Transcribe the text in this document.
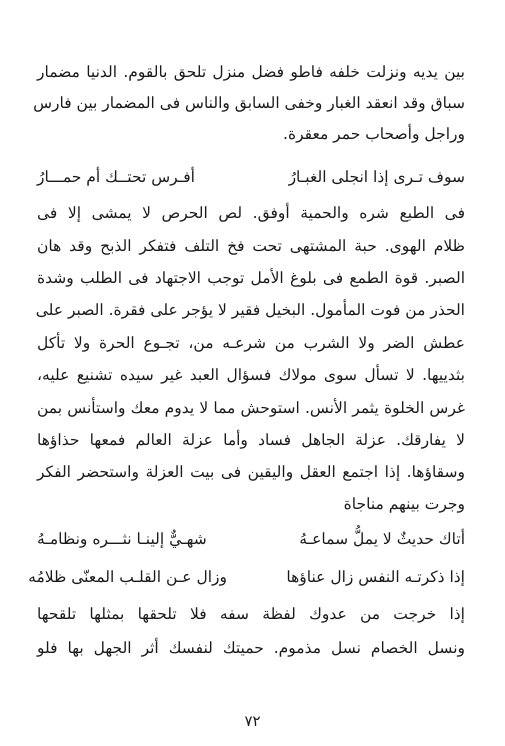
بين يديه ونزلت خلفه فاطو فضل منزل تلحق بالقوم. الدنيا مضمار
سباق وقد انعقد الغبار وخفى السابق والناس فى المضمار بين فارس
وراجل وأصحاب حمر معقرة.
سوف تـرى إذا انجلى الغبـارُ
أفـرس تحتــك أم حمـــارُ
فى الطبع شره والحمية أوفق. لص الحرص لا يمشى إلا فى
ظلام الهوى. حبة المشتهى تحت فخ التلف فتفكر الذبح وقد هان
الصبر. قوة الطمع فى بلوغ الأمل توجب الاجتهاد فى الطلب وشدة
الحذر من فوت المأمول. البخيل فقير لا يؤجر على فقرة. الصبر على
عطش الضر ولا الشرب من شرعـه من، تجـوع الحرة ولا تأكل
بثدييها. لا تسأل سوى مولاك فسؤال العبد غير سيده تشنيع عليه،
غرس الخلوة يثمر الأنس. استوحش مما لا يدوم معك واستأنس بمن
لا يفارقك. عزلة الجاهل فساد وأما عزلة العالم فمعها حذاؤها
وسقاؤها. إذا اجتمع العقل واليقين فى بيت العزلة واستحضر الفكر
وجرت بينهم مناجاة
أتاك حديثٌ لا يملُّ سماعـهُ
شهـيٌّ إلينـا نثـــره ونظامـهُ
إذا ذكرتـه النفس زال عناؤها
وزال عـن القلـب المعنّى ظلامُه
إذا خرجت من عدوك لفظة سفه فلا تلحقها بمثلها تلقحها
ونسل الخصام نسل مذموم. حميتك لنفسك أثر الجهل بها فلو
٧٢
